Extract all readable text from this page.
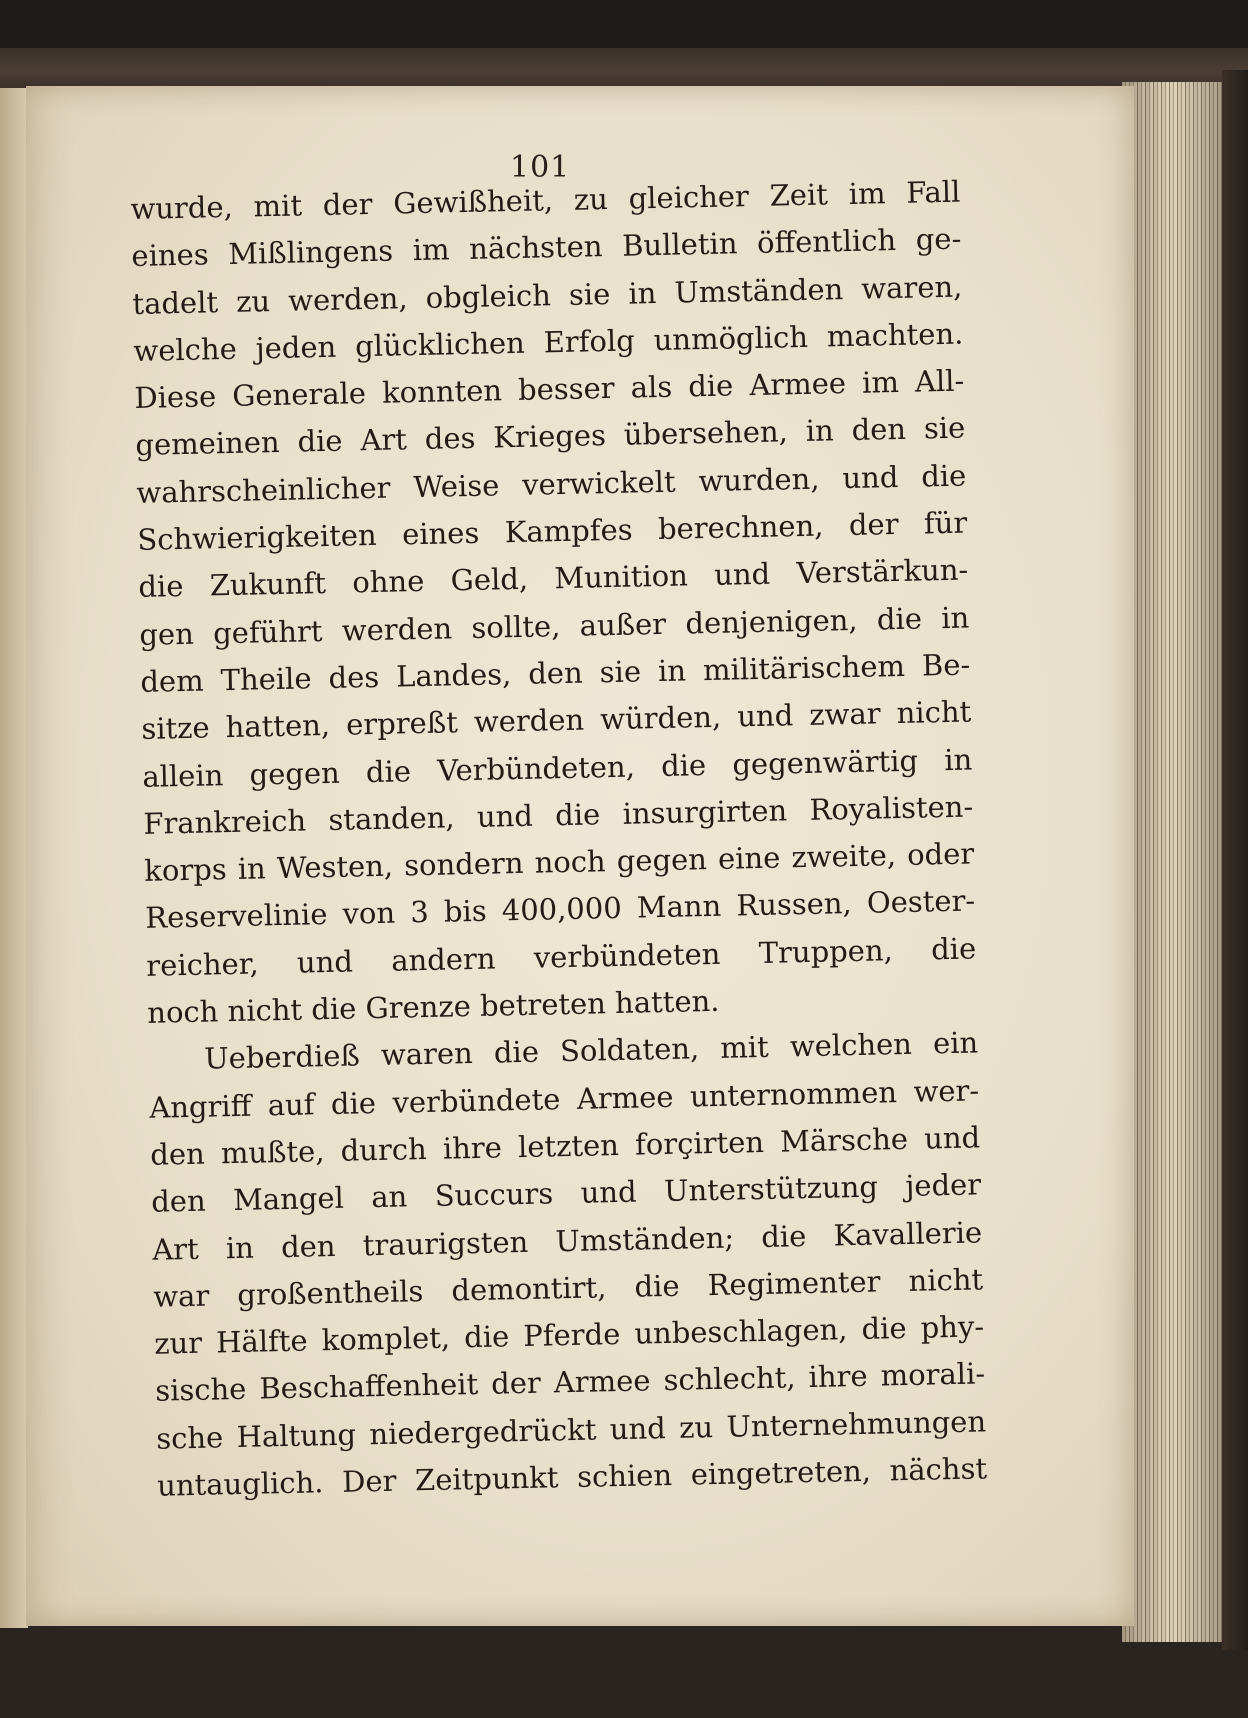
101
wurde, mit der Gewißheit, zu gleicher Zeit im Fall
eines Mißlingens im nächsten Bulletin öffentlich ge-
tadelt zu werden, obgleich sie in Umständen waren,
welche jeden glücklichen Erfolg unmöglich machten.
Diese Generale konnten besser als die Armee im All-
gemeinen die Art des Krieges übersehen, in den sie
wahrscheinlicher Weise verwickelt wurden, und die
Schwierigkeiten eines Kampfes berechnen, der für
die Zukunft ohne Geld, Munition und Verstärkun-
gen geführt werden sollte, außer denjenigen, die in
dem Theile des Landes, den sie in militärischem Be-
sitze hatten, erpreßt werden würden, und zwar nicht
allein gegen die Verbündeten, die gegenwärtig in
Frankreich standen, und die insurgirten Royalisten-
korps in Westen, sondern noch gegen eine zweite, oder
Reservelinie von 3 bis 400,000 Mann Russen, Oester-
reicher, und andern verbündeten Truppen, die
noch nicht die Grenze betreten hatten.
Ueberdieß waren die Soldaten, mit welchen ein
Angriff auf die verbündete Armee unternommen wer-
den mußte, durch ihre letzten forçirten Märsche und
den Mangel an Succurs und Unterstützung jeder
Art in den traurigsten Umständen; die Kavallerie
war großentheils demontirt, die Regimenter nicht
zur Hälfte komplet, die Pferde unbeschlagen, die phy-
sische Beschaffenheit der Armee schlecht, ihre morali-
sche Haltung niedergedrückt und zu Unternehmungen
untauglich. Der Zeitpunkt schien eingetreten, nächst
